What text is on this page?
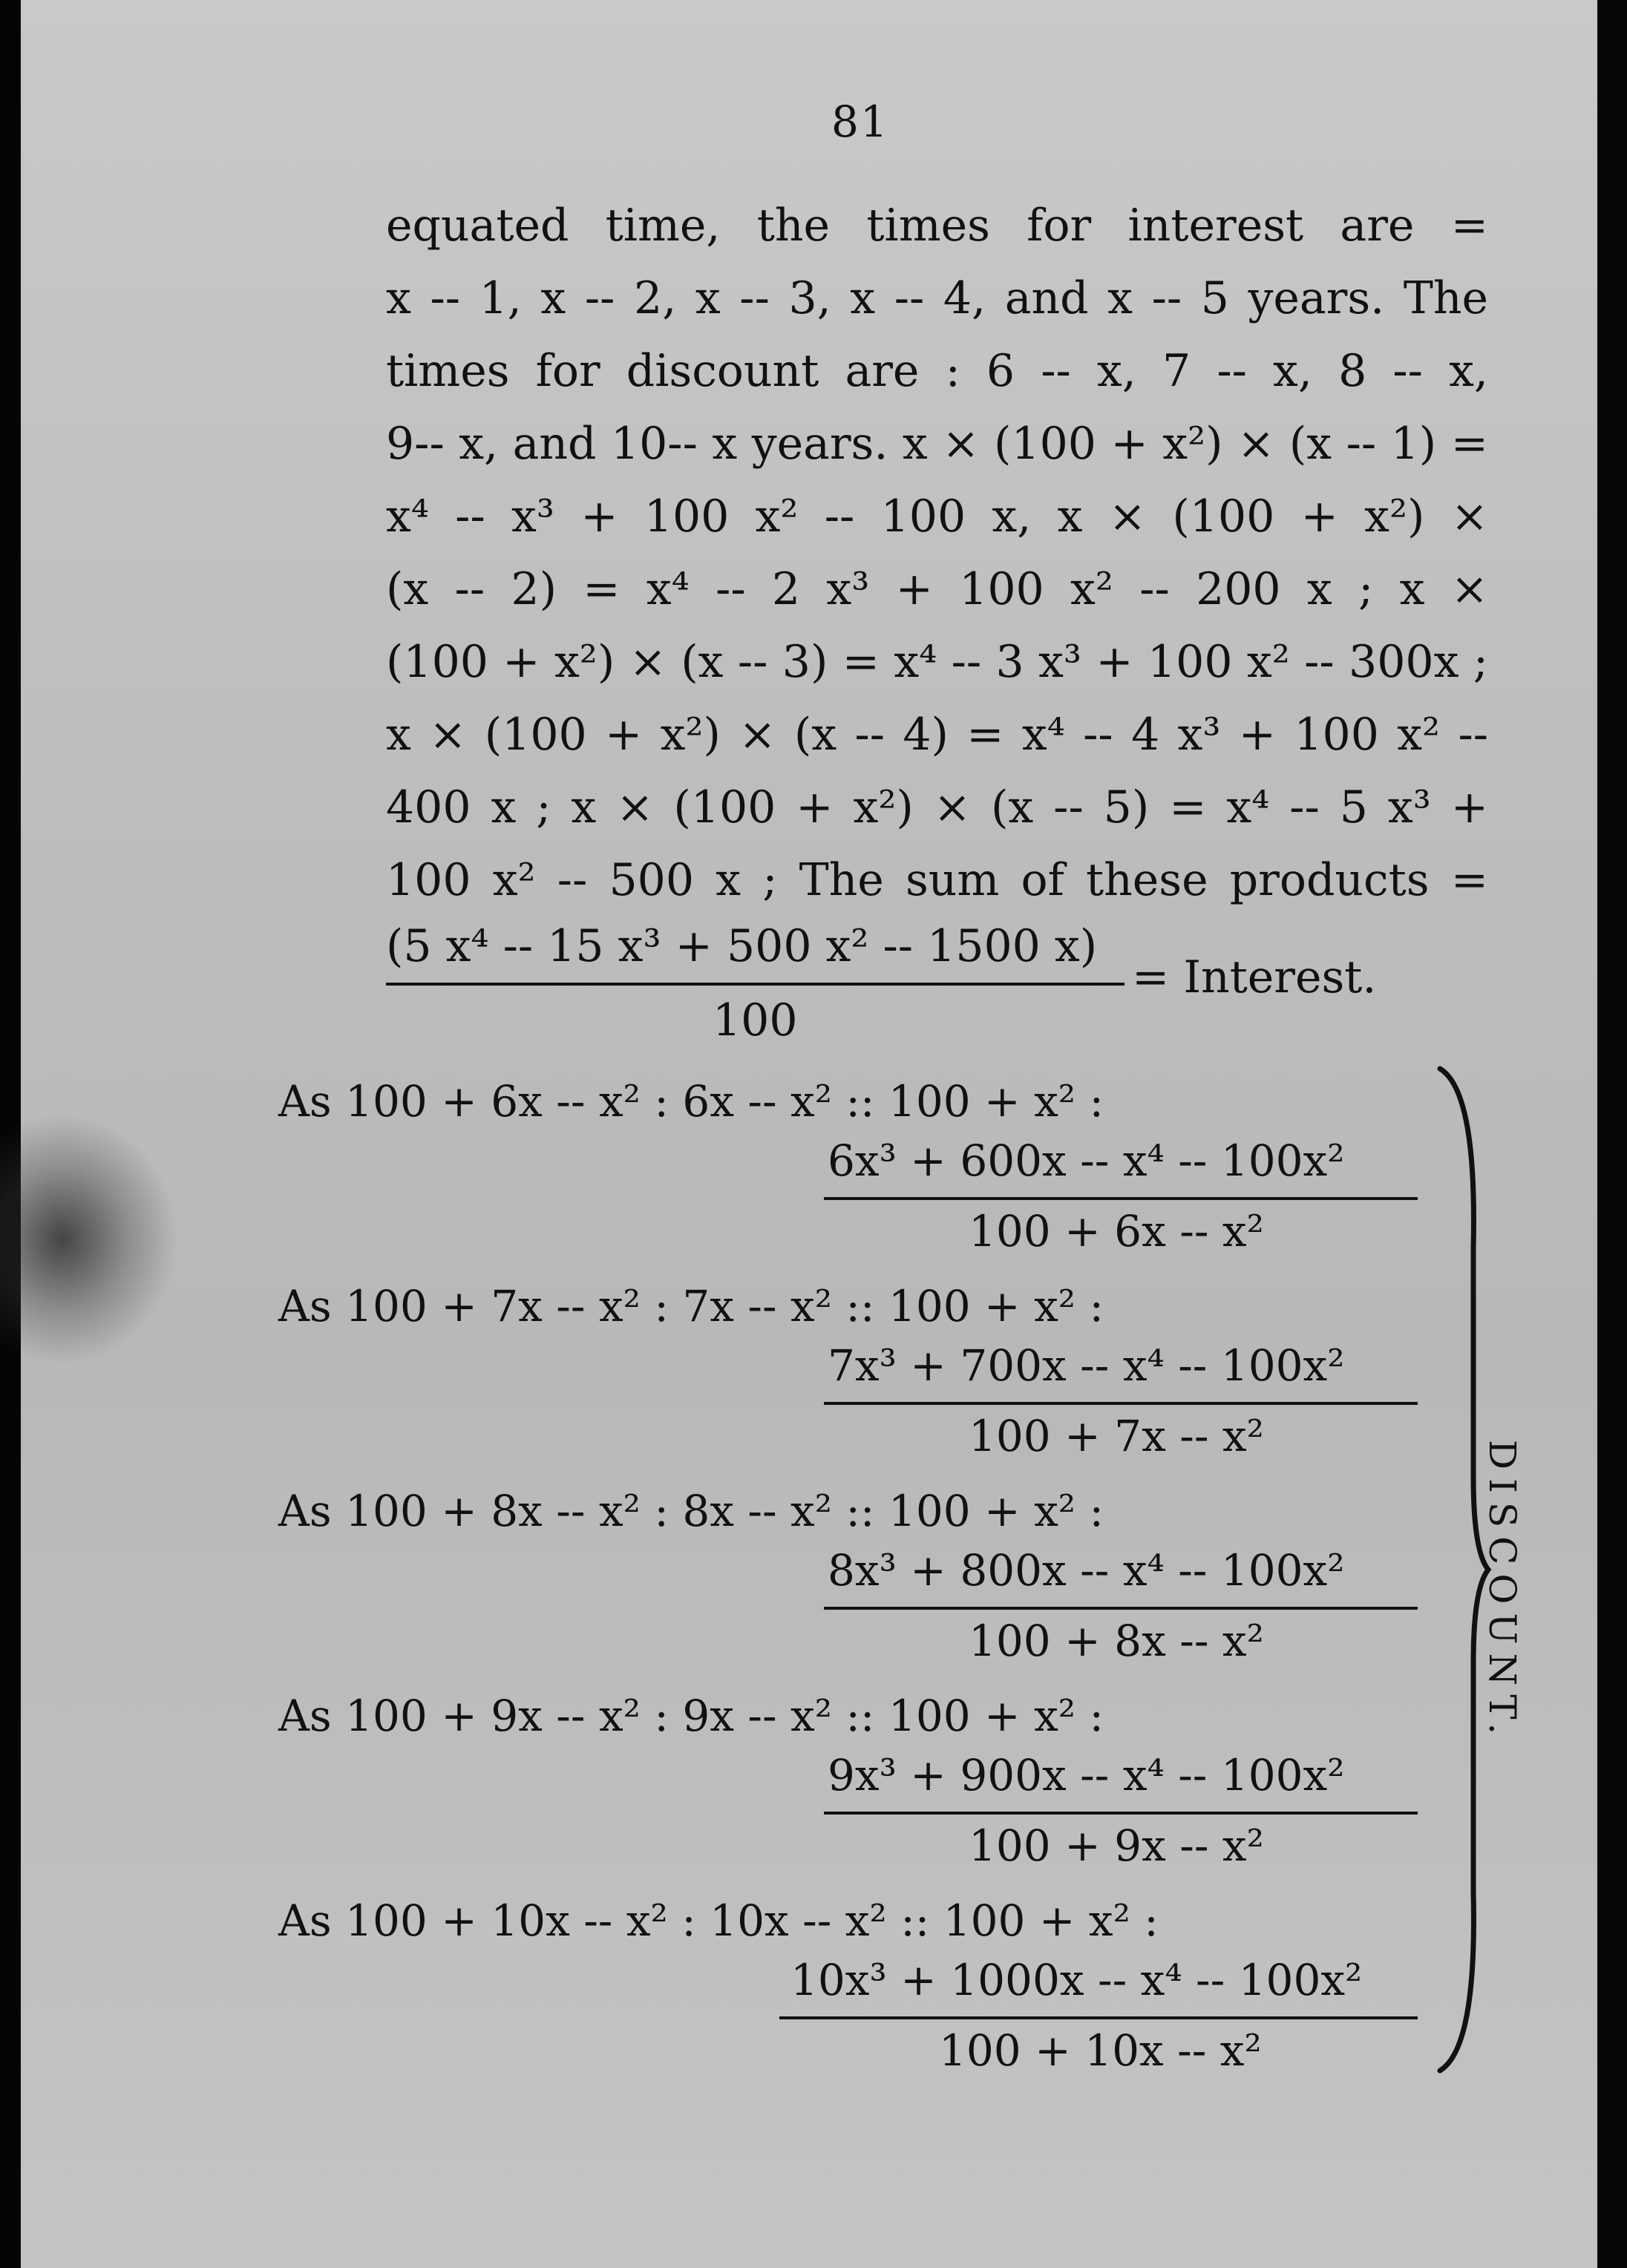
81
equated time, the times for interest are =
x -- 1, x -- 2, x -- 3, x -- 4, and x -- 5 years. The
times for discount are : 6 -- x, 7 -- x, 8 -- x,
9-- x, and 10-- x years. x × (100 + x²) × (x -- 1) =
x⁴ -- x³ + 100 x² -- 100 x, x × (100 + x²) ×
(x -- 2) = x⁴ -- 2 x³ + 100 x² -- 200 x ; x ×
(100 + x²) × (x -- 3) = x⁴ -- 3 x³ + 100 x² -- 300x ;
x × (100 + x²) × (x -- 4) = x⁴ -- 4 x³ + 100 x² --
400 x ; x × (100 + x²) × (x -- 5) = x⁴ -- 5 x³ +
100 x² -- 500 x ; The sum of these products =
(5 x⁴ -- 15 x³ + 500 x² -- 1500 x)
100
= Interest.
As 100 + 6x -- x² : 6x -- x² :: 100 + x² :
6x³ + 600x -- x⁴ -- 100x²
100 + 6x -- x²
As 100 + 7x -- x² : 7x -- x² :: 100 + x² :
7x³ + 700x -- x⁴ -- 100x²
100 + 7x -- x²
As 100 + 8x -- x² : 8x -- x² :: 100 + x² :
8x³ + 800x -- x⁴ -- 100x²
100 + 8x -- x²
As 100 + 9x -- x² : 9x -- x² :: 100 + x² :
9x³ + 900x -- x⁴ -- 100x²
100 + 9x -- x²
As 100 + 10x -- x² : 10x -- x² :: 100 + x² :
10x³ + 1000x -- x⁴ -- 100x²
100 + 10x -- x²
DISCOUNT.
